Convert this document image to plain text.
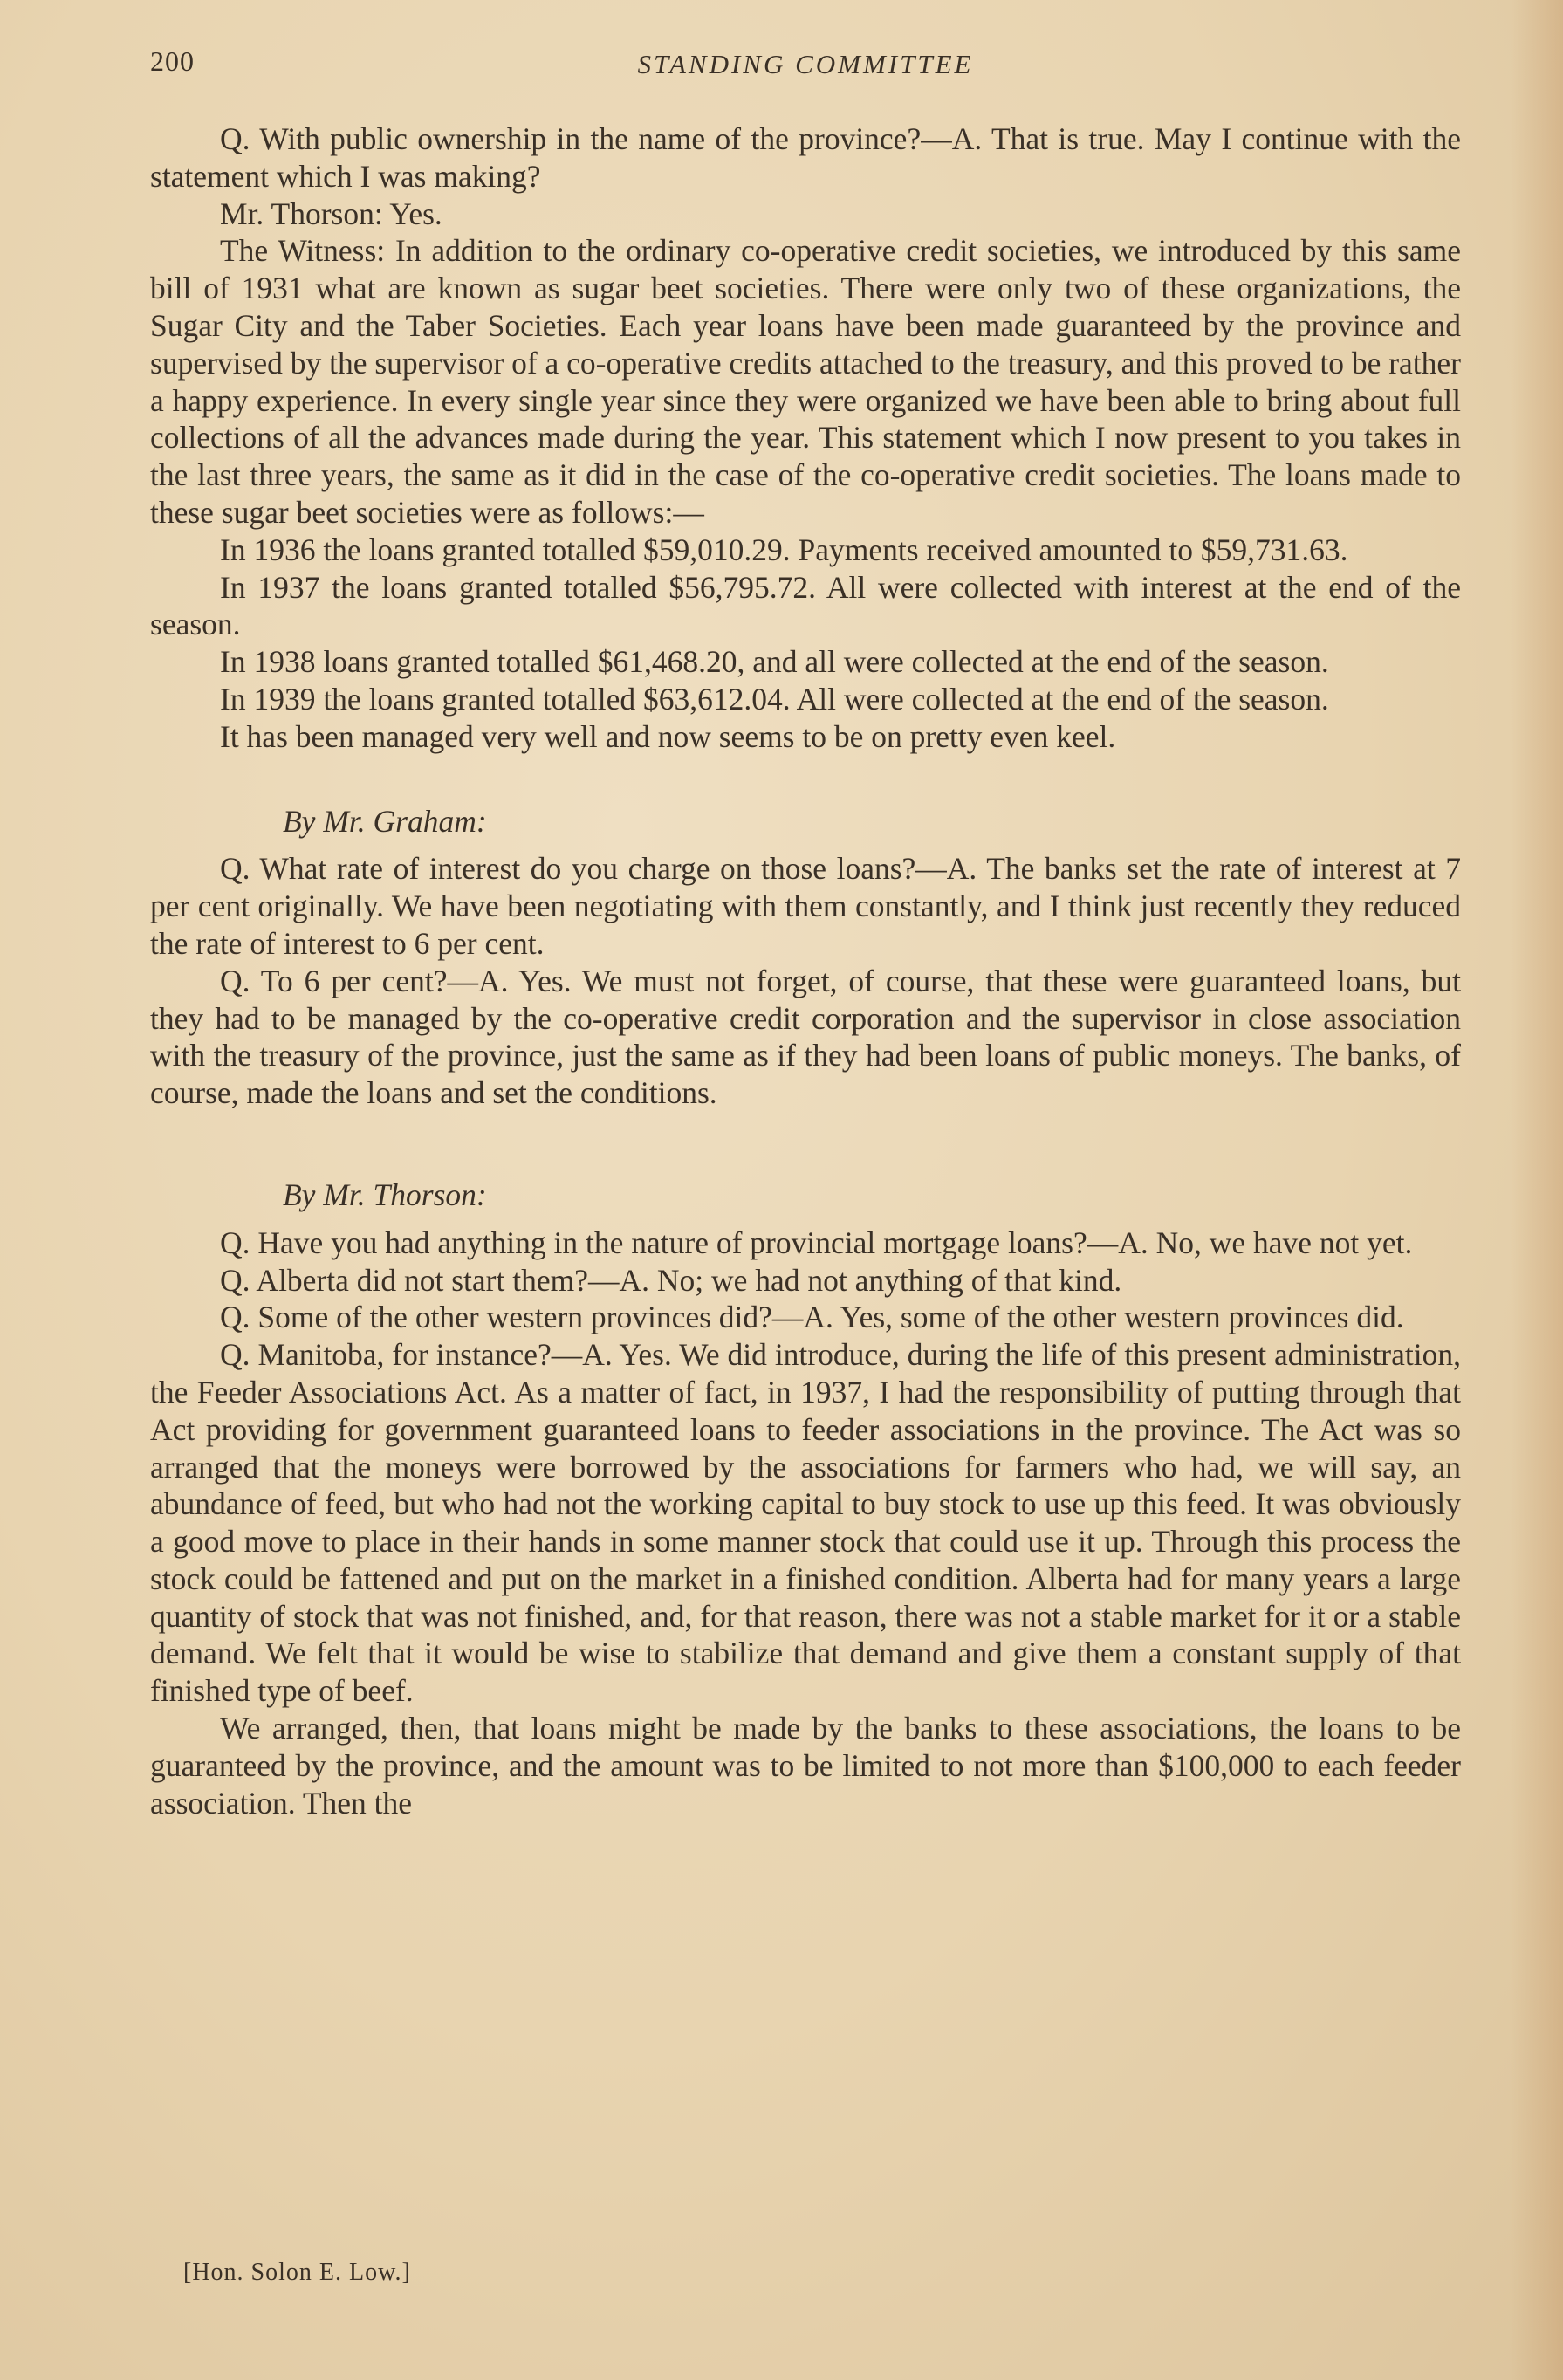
200	STANDING COMMITTEE

Q. With public ownership in the name of the province?—A. That is true. May I continue with the statement which I was making?

Mr. Thorson: Yes.

The Witness: In addition to the ordinary co-operative credit societies, we introduced by this same bill of 1931 what are known as sugar beet societies. There were only two of these organizations, the Sugar City and the Taber Societies. Each year loans have been made guaranteed by the province and supervised by the supervisor of a co-operative credits attached to the treasury, and this proved to be rather a happy experience. In every single year since they were organized we have been able to bring about full collections of all the advances made during the year. This statement which I now present to you takes in the last three years, the same as it did in the case of the co-operative credit societies. The loans made to these sugar beet societies were as follows:—

In 1936 the loans granted totalled $59,010.29. Payments received amounted to $59,731.63.

In 1937 the loans granted totalled $56,795.72. All were collected with interest at the end of the season.

In 1938 loans granted totalled $61,468.20, and all were collected at the end of the season.

In 1939 the loans granted totalled $63,612.04. All were collected at the end of the season.

It has been managed very well and now seems to be on pretty even keel.

By Mr. Graham:

Q. What rate of interest do you charge on those loans?—A. The banks set the rate of interest at 7 per cent originally. We have been negotiating with them constantly, and I think just recently they reduced the rate of interest to 6 per cent.

Q. To 6 per cent?—A. Yes. We must not forget, of course, that these were guaranteed loans, but they had to be managed by the co-operative credit corporation and the supervisor in close association with the treasury of the province, just the same as if they had been loans of public moneys. The banks, of course, made the loans and set the conditions.

By Mr. Thorson:

Q. Have you had anything in the nature of provincial mortgage loans?—A. No, we have not yet.

Q. Alberta did not start them?—A. No; we had not anything of that kind.

Q. Some of the other western provinces did?—A. Yes, some of the other western provinces did.

Q. Manitoba, for instance?—A. Yes. We did introduce, during the life of this present administration, the Feeder Associations Act. As a matter of fact, in 1937, I had the responsibility of putting through that Act providing for government guaranteed loans to feeder associations in the province. The Act was so arranged that the moneys were borrowed by the associations for farmers who had, we will say, an abundance of feed, but who had not the working capital to buy stock to use up this feed. It was obviously a good move to place in their hands in some manner stock that could use it up. Through this process the stock could be fattened and put on the market in a finished condition. Alberta had for many years a large quantity of stock that was not finished, and, for that reason, there was not a stable market for it or a stable demand. We felt that it would be wise to stabilize that demand and give them a constant supply of that finished type of beef.

We arranged, then, that loans might be made by the banks to these associations, the loans to be guaranteed by the province, and the amount was to be limited to not more than $100,000 to each feeder association. Then the

[Hon. Solon E. Low.]
